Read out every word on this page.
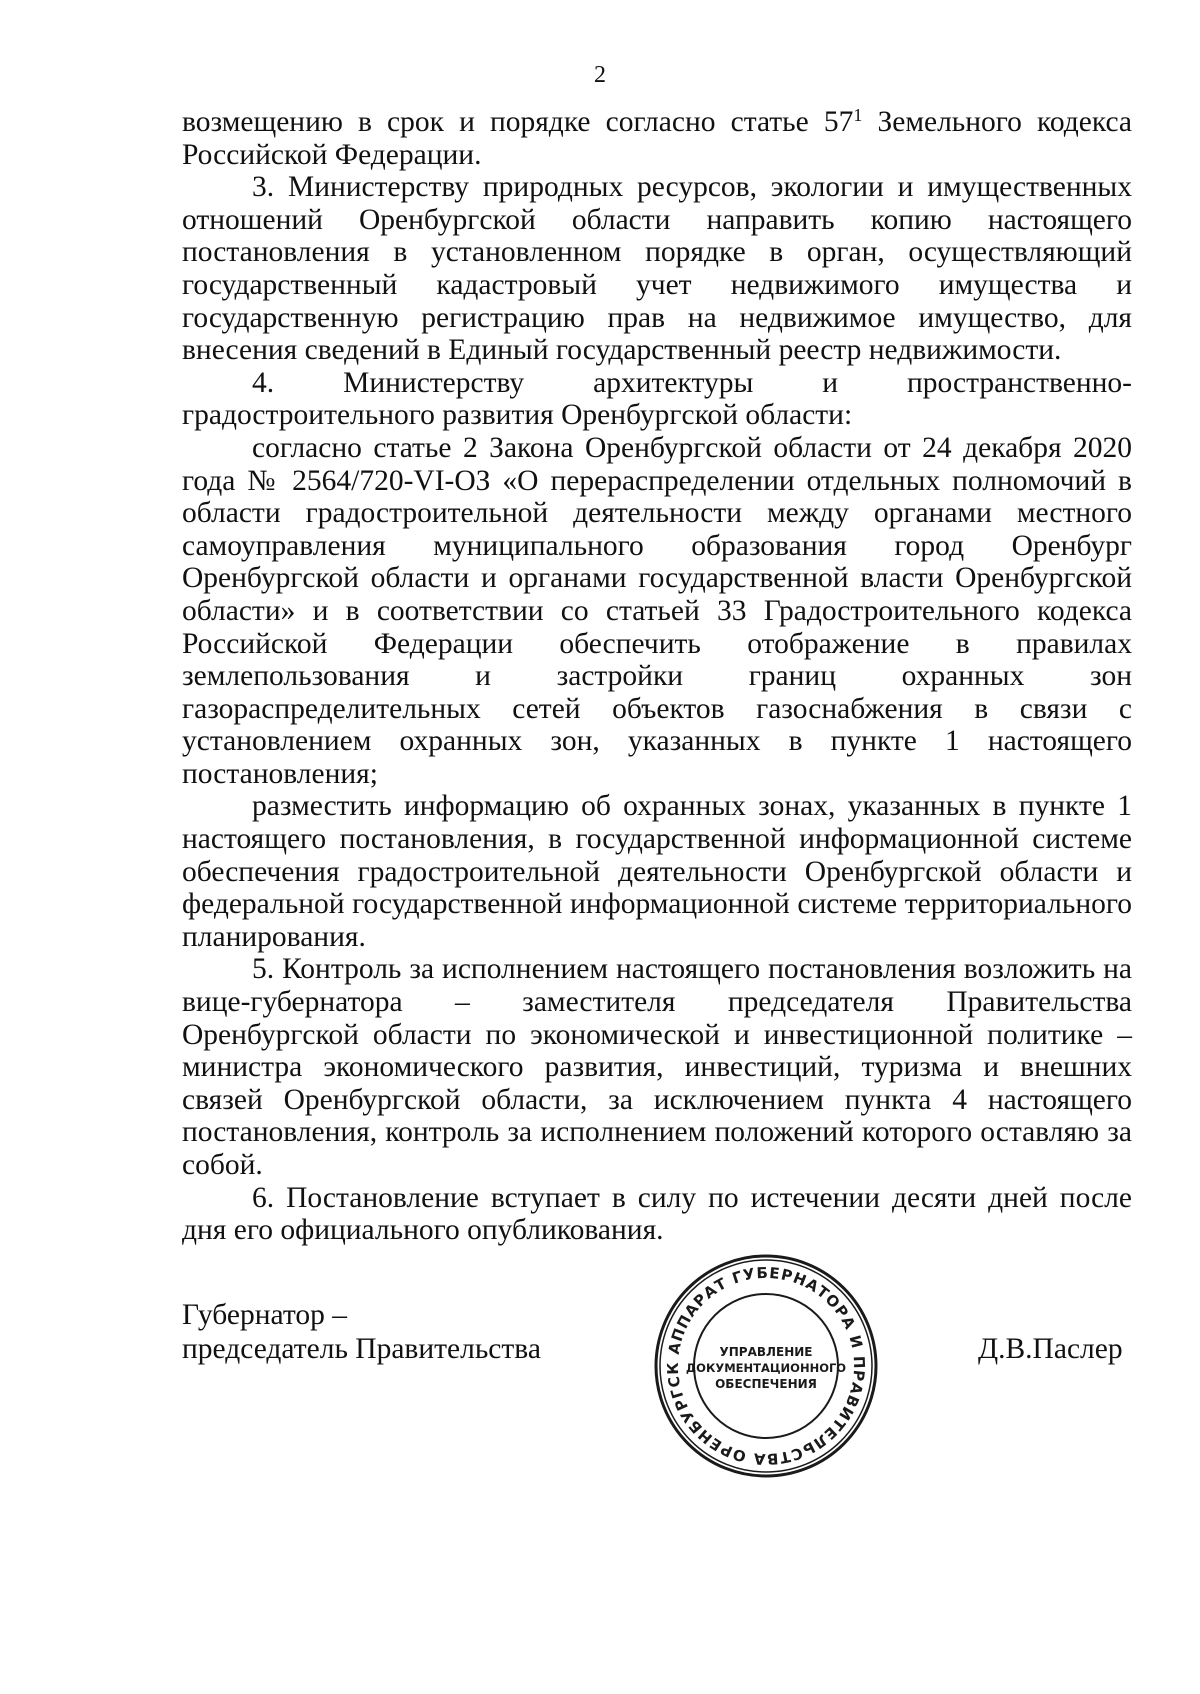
2

возмещению в срок и порядке согласно статье $57^1$ Земельного кодекса Российской Федерации.

3. Министерству природных ресурсов, экологии и имущественных отношений Оренбургской области направить копию настоящего постановления в установленном порядке в орган, осуществляющий государственный кадастровый учет недвижимого имущества и государственную регистрацию прав на недвижимое имущество, для внесения сведений в Единый государственный реестр недвижимости.

4. Министерству архитектуры и пространственно-градостроительного развития Оренбургской области:

согласно статье 2 Закона Оренбургской области от 24 декабря 2020 года № 2564/720-VI-ОЗ «О перераспределении отдельных полномочий в области градостроительной деятельности между органами местного самоуправления муниципального образования город Оренбург Оренбургской области и органами государственной власти Оренбургской области» и в соответствии со статьей 33 Градостроительного кодекса Российской Федерации обеспечить отображение в правилах землепользования и застройки границ охранных зон газораспределительных сетей объектов газоснабжения в связи с установлением охранных зон, указанных в пункте 1 настоящего постановления;

разместить информацию об охранных зонах, указанных в пункте 1 настоящего постановления, в государственной информационной системе обеспечения градостроительной деятельности Оренбургской области и федеральной государственной информационной системе территориального планирования.

5. Контроль за исполнением настоящего постановления возложить на вице-губернатора – заместителя председателя Правительства Оренбургской области по экономической и инвестиционной политике – министра экономического развития, инвестиций, туризма и внешних связей Оренбургской области, за исключением пункта 4 настоящего постановления, контроль за исполнением положений которого оставляю за собой.

6. Постановление вступает в силу по истечении десяти дней после дня его официального опубликования.

Губернатор –
председатель Правительства	АППАРАТ ГУБЕРНАТОРА И ПРАВИТЕЛЬСТВА ОРЕНБУРГСК
УПРАВЛЕНИЕ
ДОКУМЕНТАЦИОННОГО
ОБЕСПЕЧЕНИЯ
Д.В.Паслер
